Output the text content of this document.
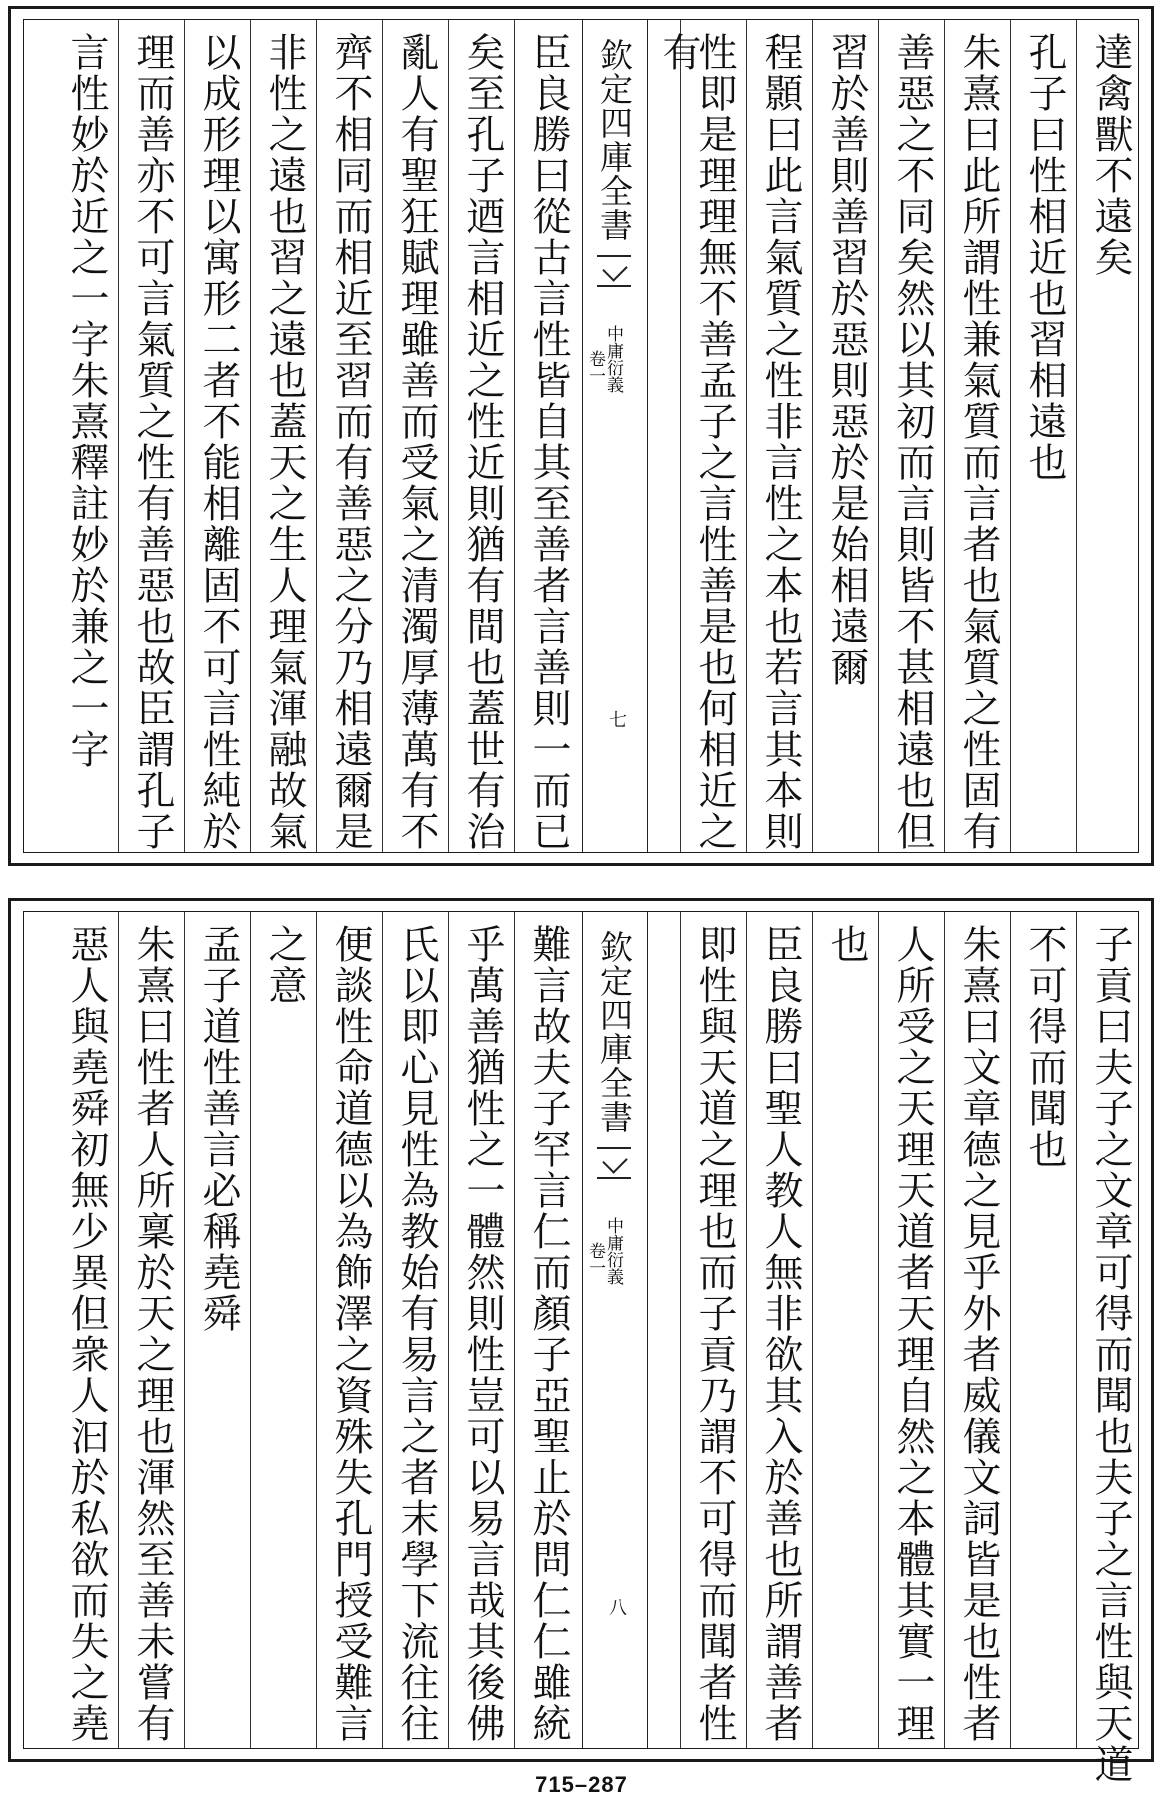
欽定四庫全書
中庸衍義
卷一
七
達禽獸不遠矣
孔子曰性相近也習相遠也
朱熹曰此所謂性兼氣質而言者也氣質之性固有
善惡之不同矣然以其初而言則皆不甚相遠也但
習於善則善習於惡則惡於是始相遠爾
程顥曰此言氣質之性非言性之本也若言其本則
性即是理理無不善孟子之言性善是也何相近之
有
臣良勝曰從古言性皆自其至善者言善則一而已
矣至孔子迺言相近之性近則猶有間也蓋世有治
亂人有聖狂賦理雖善而受氣之清濁厚薄萬有不
齊不相同而相近至習而有善惡之分乃相遠爾是
非性之遠也習之遠也蓋天之生人理氣渾融故氣
以成形理以寓形二者不能相離固不可言性純於
理而善亦不可言氣質之性有善惡也故臣謂孔子
言性妙於近之一字朱熹釋註妙於兼之一字
欽定四庫全書
中庸衍義
卷一
八	子貢曰夫子之文章可得而聞也夫子之言性與天道
不可得而聞也
朱熹曰文章德之見乎外者威儀文詞皆是也性者
人所受之天理天道者天理自然之本體其實一理
也
臣良勝曰聖人教人無非欲其入於善也所謂善者
即性與天道之理也而子貢乃謂不可得而聞者性
難言故夫子罕言仁而顏子亞聖止於問仁仁雖統
乎萬善猶性之一體然則性豈可以易言哉其後佛
氏以即心見性為教始有易言之者末學下流往往
便談性命道德以為飾澤之資殊失孔門授受難言
之意
孟子道性善言必稱堯舜
朱熹曰性者人所稟於天之理也渾然至善未嘗有
惡人與堯舜初無少異但衆人汩於私欲而失之堯
715–287
